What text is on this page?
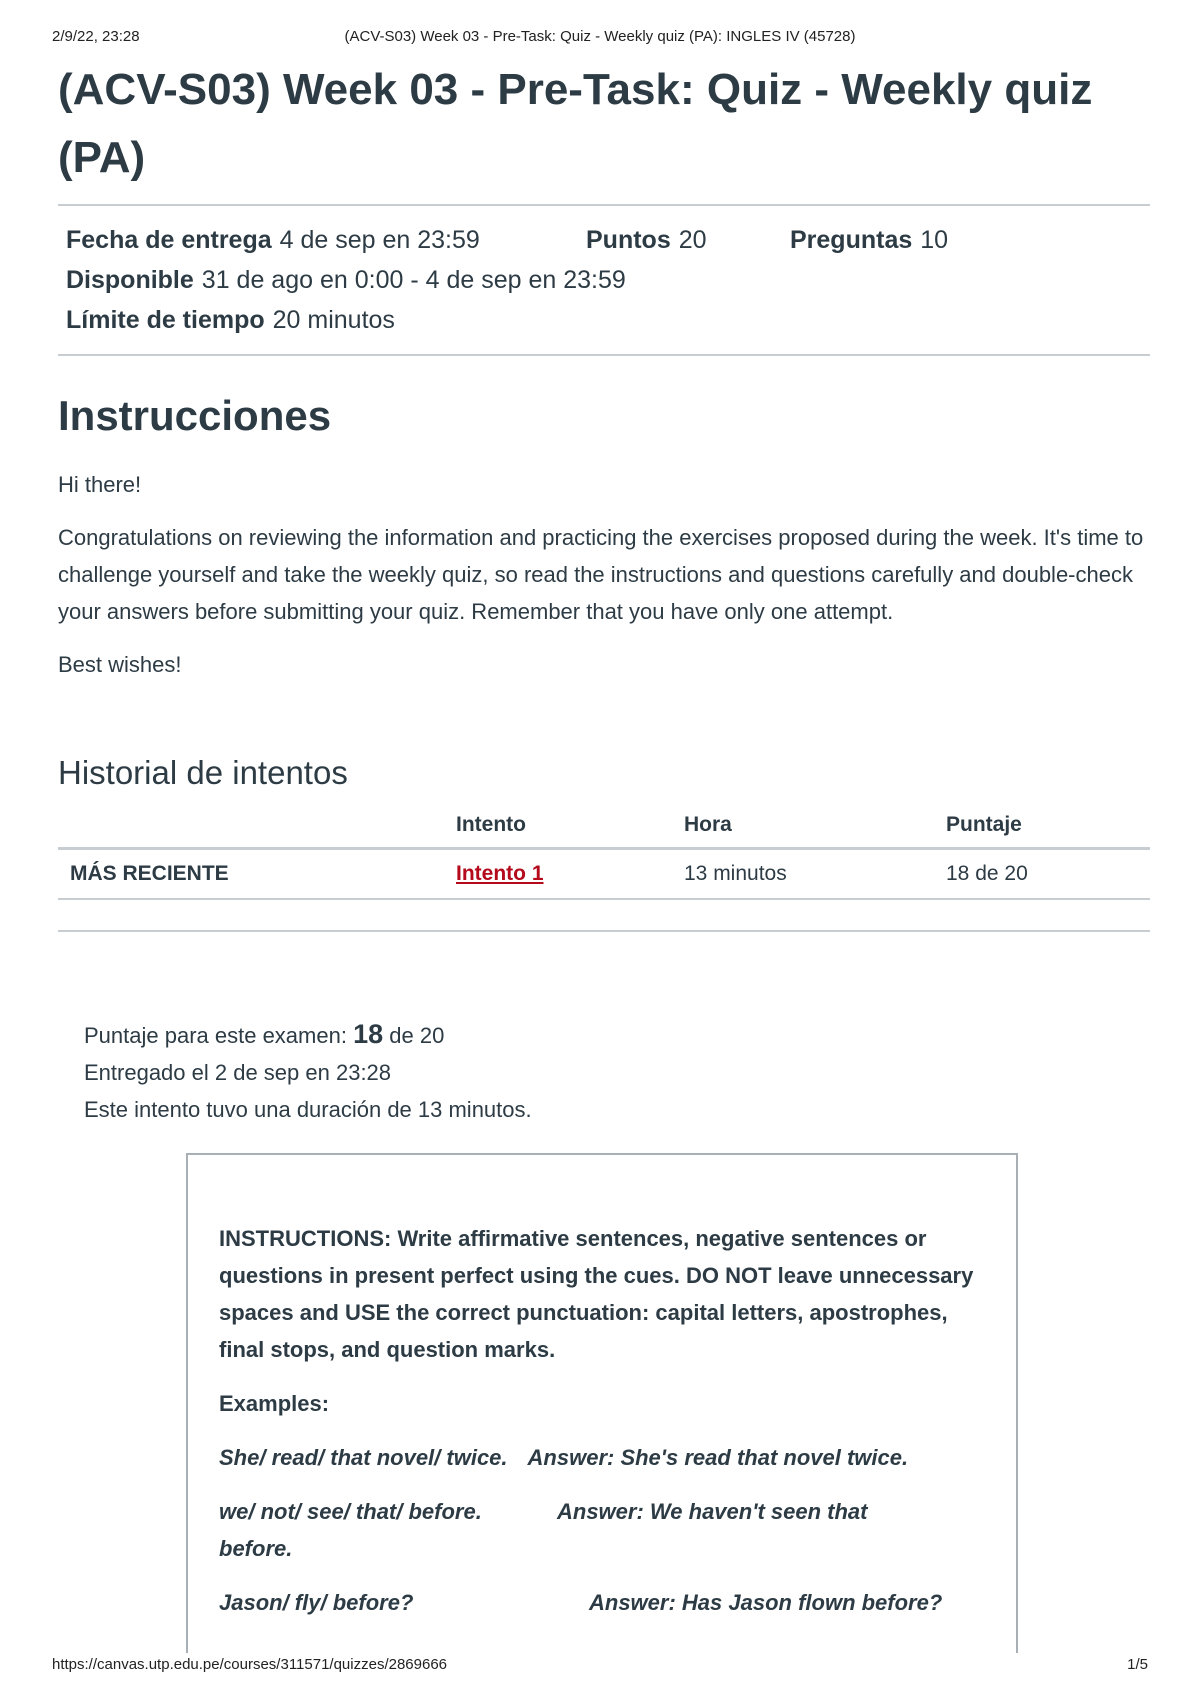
2/9/22, 23:28	(ACV-S03) Week 03 - Pre-Task: Quiz - Weekly quiz (PA): INGLES IV (45728)
(ACV-S03) Week 03 - Pre-Task: Quiz - Weekly quiz
(PA)
Fecha de entrega 4 de sep en 23:59	Puntos 20	Preguntas 10
Disponible 31 de ago en 0:00 - 4 de sep en 23:59
Límite de tiempo 20 minutos
Instrucciones

Hi there!

Congratulations on reviewing the information and practicing the exercises proposed during the week. It's time to challenge yourself and take the weekly quiz, so read the instructions and questions carefully and double-check your answers before submitting your quiz. Remember that you have only one attempt.

Best wishes!

Historial de intentos
	Intento	Hora	Puntaje
MÁS RECIENTE	Intento 1	13 minutos	18 de 20
Puntaje para este examen: 18 de 20
Entregado el 2 de sep en 23:28
Este intento tuvo una duración de 13 minutos.

INSTRUCTIONS: Write affirmative sentences, negative sentences or questions in present perfect using the cues. DO NOT leave unnecessary spaces and USE the correct punctuation: capital letters, apostrophes, final stops, and question marks.

Examples:

She/ read/ that novel/ twice. Answer: She's read that novel twice.

we/ not/ see/ that/ before.	Answer: We haven't seen that

before.

Jason/ fly/ before?	Answer: Has Jason flown before?

https://canvas.utp.edu.pe/courses/311571/quizzes/2869666	1/5
